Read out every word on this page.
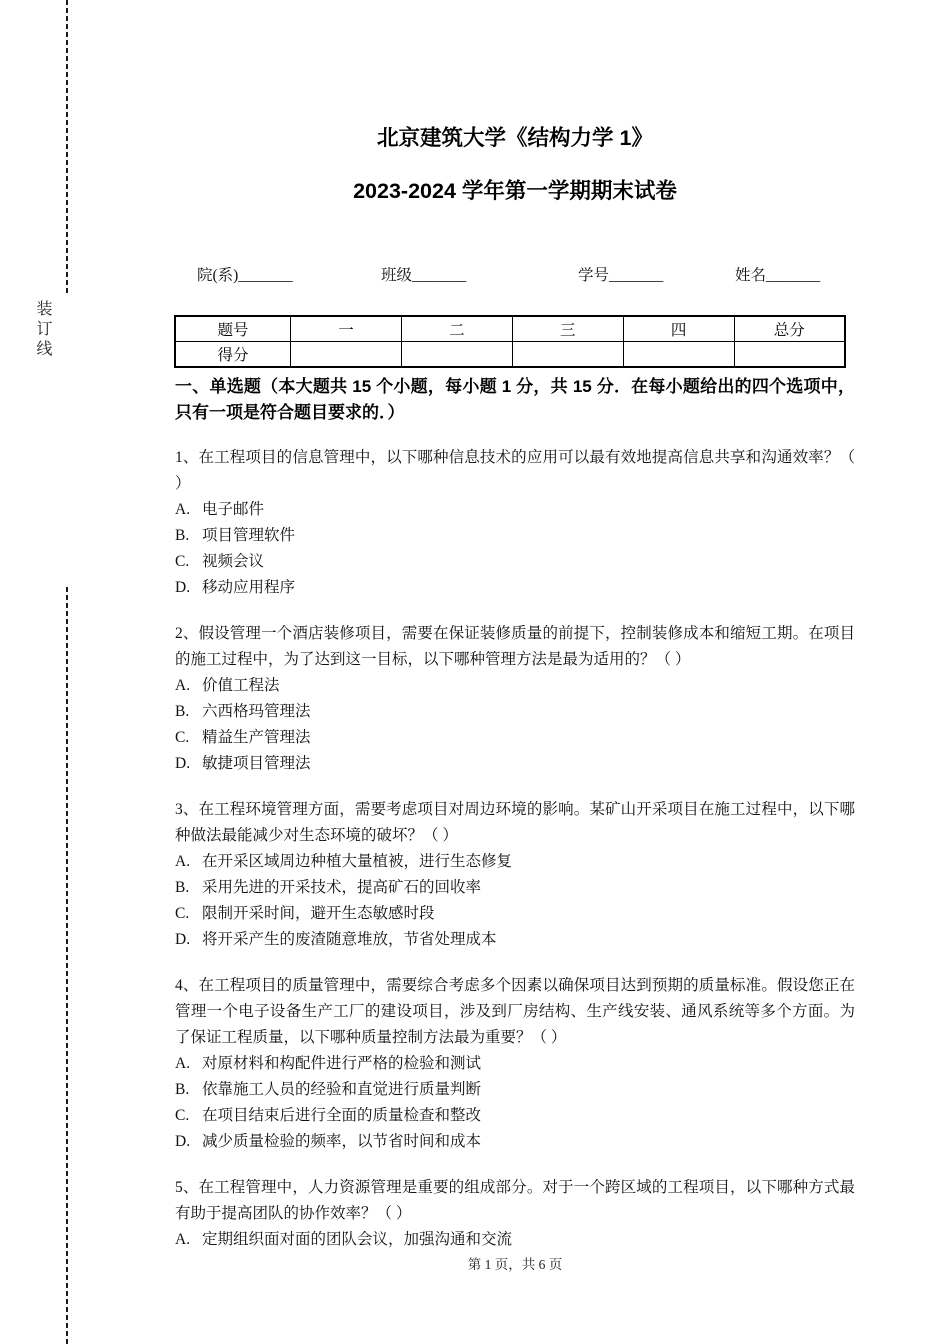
装订线
北京建筑大学《结构力学 1》
2023-2024 学年第一学期期末试卷
院(系)_______	班级_______	学号_______	姓名_______
题号	一	二	三	四	总分
得分					
一、单选题（本大题共 15 个小题，每小题 1 分，共 15 分．在每小题给出的四个选项中，只有一项是符合题目要求的．）
1、在工程项目的信息管理中，以下哪种信息技术的应用可以最有效地提高信息共享和沟通效率？（ ）
A. 电子邮件
B. 项目管理软件
C. 视频会议
D. 移动应用程序
2、假设管理一个酒店装修项目，需要在保证装修质量的前提下，控制装修成本和缩短工期。在项目的施工过程中，为了达到这一目标，以下哪种管理方法是最为适用的？（ ）
A. 价值工程法
B. 六西格玛管理法
C. 精益生产管理法
D. 敏捷项目管理法
3、在工程环境管理方面，需要考虑项目对周边环境的影响。某矿山开采项目在施工过程中，以下哪种做法最能减少对生态环境的破坏？（ ）
A. 在开采区域周边种植大量植被，进行生态修复
B. 采用先进的开采技术，提高矿石的回收率
C. 限制开采时间，避开生态敏感时段
D. 将开采产生的废渣随意堆放，节省处理成本
4、在工程项目的质量管理中，需要综合考虑多个因素以确保项目达到预期的质量标准。假设您正在管理一个电子设备生产工厂的建设项目，涉及到厂房结构、生产线安装、通风系统等多个方面。为了保证工程质量，以下哪种质量控制方法最为重要？（ ）
A. 对原材料和构配件进行严格的检验和测试
B. 依靠施工人员的经验和直觉进行质量判断
C. 在项目结束后进行全面的质量检查和整改
D. 减少质量检验的频率，以节省时间和成本
5、在工程管理中，人力资源管理是重要的组成部分。对于一个跨区域的工程项目，以下哪种方式最有助于提高团队的协作效率？（ ）
A. 定期组织面对面的团队会议，加强沟通和交流
第 1 页，共 6 页
